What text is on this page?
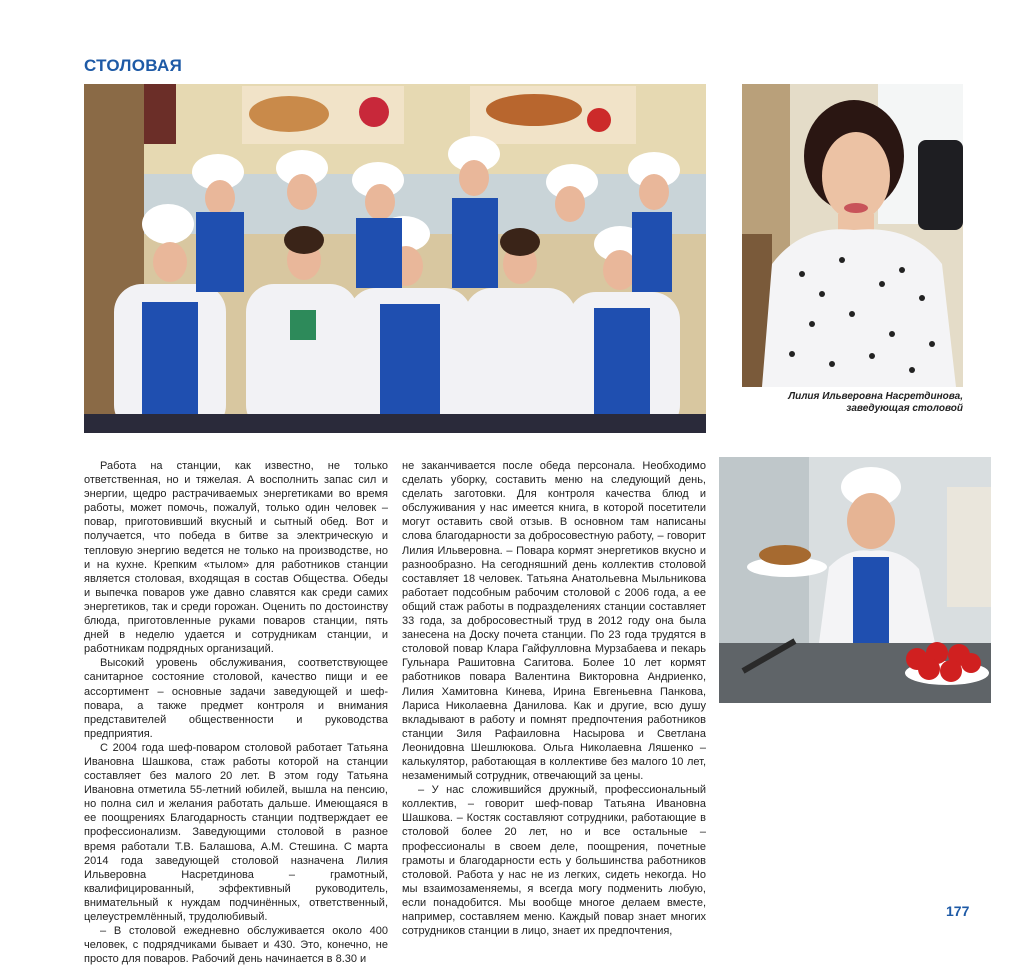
СТОЛОВАЯ
Лилия Ильверовна Насретдинова,
заведующая столовой

Работа на станции, как известно, не только ответственная, но и тяжелая. А восполнить запас сил и энергии, щедро растрачиваемых энергетиками во время работы, может помочь, пожалуй, только один человек – повар, приготовивший вкусный и сытный обед. Вот и получается, что победа в битве за электрическую и тепловую энергию ведется не только на производстве, но и на кухне. Крепким «тылом» для работников станции является столовая, входящая в состав Общества. Обеды и выпечка поваров уже давно славятся как среди самих энергетиков, так и среди горожан. Оценить по достоинству блюда, приготовленные руками поваров станции, пять дней в неделю удается и сотрудникам станции, и работникам подрядных организаций.

Высокий уровень обслуживания, соответствующее санитарное состояние столовой, качество пищи и ее ассортимент – основные задачи заведующей и шеф-повара, а также предмет контроля и внимания представителей общественности и руководства предприятия.

С 2004 года шеф-поваром столовой работает Татьяна Ивановна Шашкова, стаж работы которой на станции составляет без малого 20 лет. В этом году Татьяна Ивановна отметила 55-летний юбилей, вышла на пенсию, но полна сил и желания работать дальше. Имеющаяся в ее поощрениях Благодарность станции подтверждает ее профессионализм. Заведующими столовой в разное время работали Т.В. Балашова, А.М. Стешина. С марта 2014 года заведующей столовой назначена Лилия Ильверовна Насретдинова – грамотный, квалифицированный, эффективный руководитель, внимательный к нуждам подчинённых, ответственный, целеустремлённый, трудолюбивый.

– В столовой ежедневно обслуживается около 400 человек, с подрядчиками бывает и 430. Это, конечно, не просто для поваров. Рабочий день начинается в 8.30 и

не заканчивается после обеда персонала. Необходимо сделать уборку, составить меню на следующий день, сделать заготовки. Для контроля качества блюд и обслуживания у нас имеется книга, в которой посетители могут оставить свой отзыв. В основном там написаны слова благодарности за добросовестную работу, – говорит Лилия Ильверовна. – Повара кормят энергетиков вкусно и разнообразно. На сегодняшний день коллектив столовой составляет 18 человек. Татьяна Анатольевна Мыльникова работает подсобным рабочим столовой с 2006 года, а ее общий стаж работы в подразделениях станции составляет 33 года, за добросовестный труд в 2012 году она была занесена на Доску почета станции. По 23 года трудятся в столовой повар Клара Гайфулловна Мурзабаева и пекарь Гульнара Рашитовна Сагитова. Более 10 лет кормят работников повара Валентина Викторовна Андриенко, Лилия Хамитовна Кинева, Ирина Евгеньевна Панкова, Лариса Николаевна Данилова. Как и другие, всю душу вкладывают в работу и помнят предпочтения работников станции Зиля Рафаиловна Насырова и Светлана Леонидовна Шешлюкова. Ольга Николаевна Ляшенко – калькулятор, работающая в коллективе без малого 10 лет, незаменимый сотрудник, отвечающий за цены.

– У нас сложившийся дружный, профессиональный коллектив, – говорит шеф-повар Татьяна Ивановна Шашкова. – Костяк составляют сотрудники, работающие в столовой более 20 лет, но и все остальные – профессионалы в своем деле, поощрения, почетные грамоты и благодарности есть у большинства работников столовой. Работа у нас не из легких, сидеть некогда. Но мы взаимозаменяемы, я всегда могу подменить любую, если понадобится. Мы вообще многое делаем вместе, например, составляем меню. Каждый повар знает многих сотрудников станции в лицо, знает их предпочтения,

177
